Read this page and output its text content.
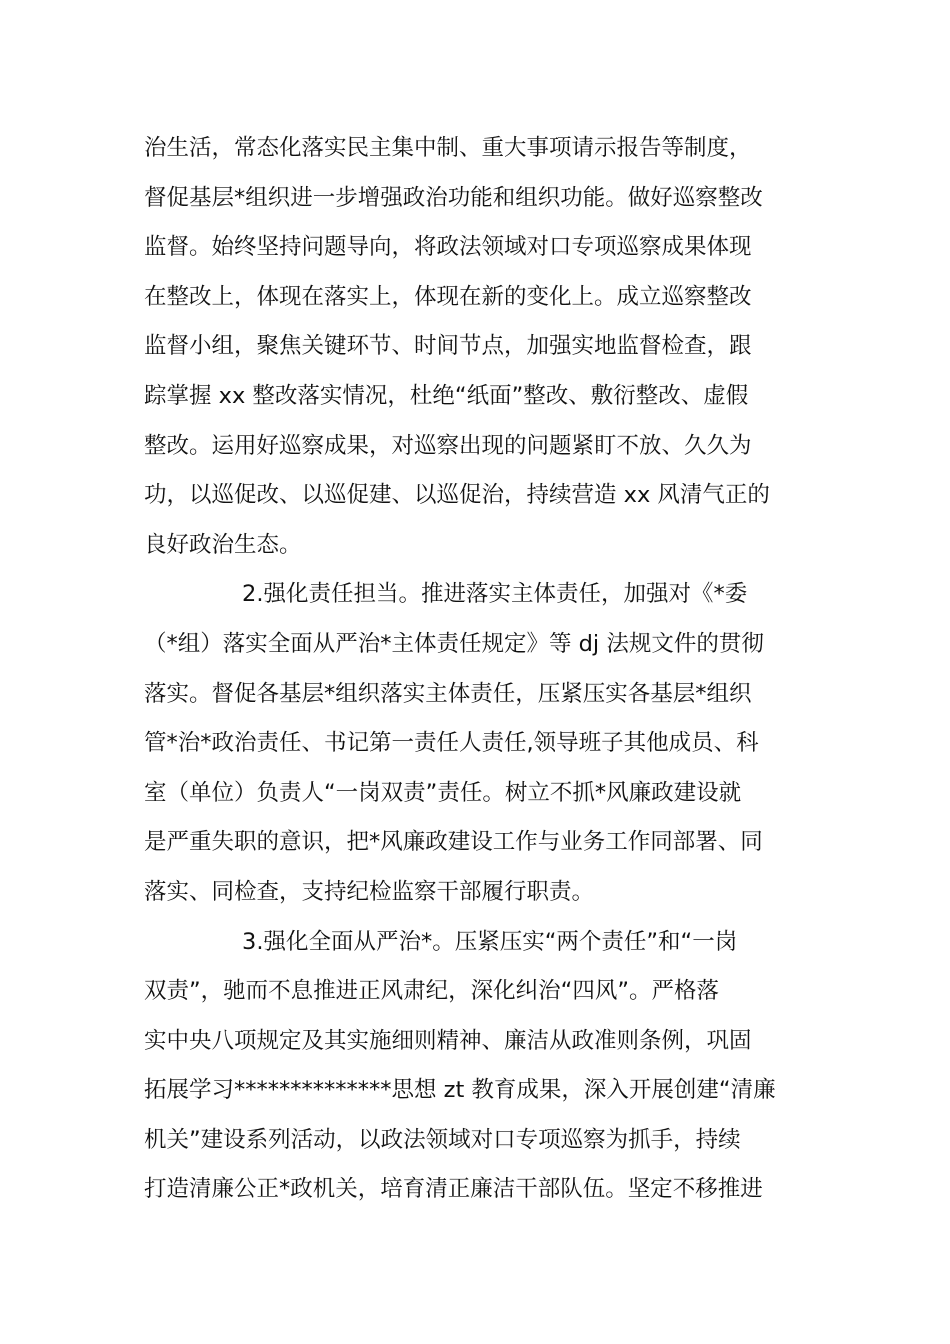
治生活，常态化落实民主集中制、重大事项请示报告等制度，
督促基层*组织进一步增强政治功能和组织功能。做好巡察整改
监督。始终坚持问题导向，将政法领域对口专项巡察成果体现
在整改上，体现在落实上，体现在新的变化上。成立巡察整改
监督小组，聚焦关键环节、时间节点，加强实地监督检查，跟
踪掌握 xx 整改落实情况，杜绝“纸面”整改、敷衍整改、虚假
整改。运用好巡察成果，对巡察出现的问题紧盯不放、久久为
功，以巡促改、以巡促建、以巡促治，持续营造 xx 风清气正的
良好政治生态。
2.强化责任担当。推进落实主体责任，加强对《*委
（*组）落实全面从严治*主体责任规定》等 dj 法规文件的贯彻
落实。督促各基层*组织落实主体责任，压紧压实各基层*组织
管*治*政治责任、书记第一责任人责任,领导班子其他成员、科
室（单位）负责人“一岗双责”责任。树立不抓*风廉政建设就
是严重失职的意识，把*风廉政建设工作与业务工作同部署、同
落实、同检查，支持纪检监察干部履行职责。
3.强化全面从严治*。压紧压实“两个责任”和“一岗
双责”，驰而不息推进正风肃纪，深化纠治“四风”。严格落
实中央八项规定及其实施细则精神、廉洁从政准则条例，巩固
拓展学习**************思想 zt 教育成果，深入开展创建“清廉
机关”建设系列活动，以政法领域对口专项巡察为抓手，持续
打造清廉公正*政机关，培育清正廉洁干部队伍。坚定不移推进
